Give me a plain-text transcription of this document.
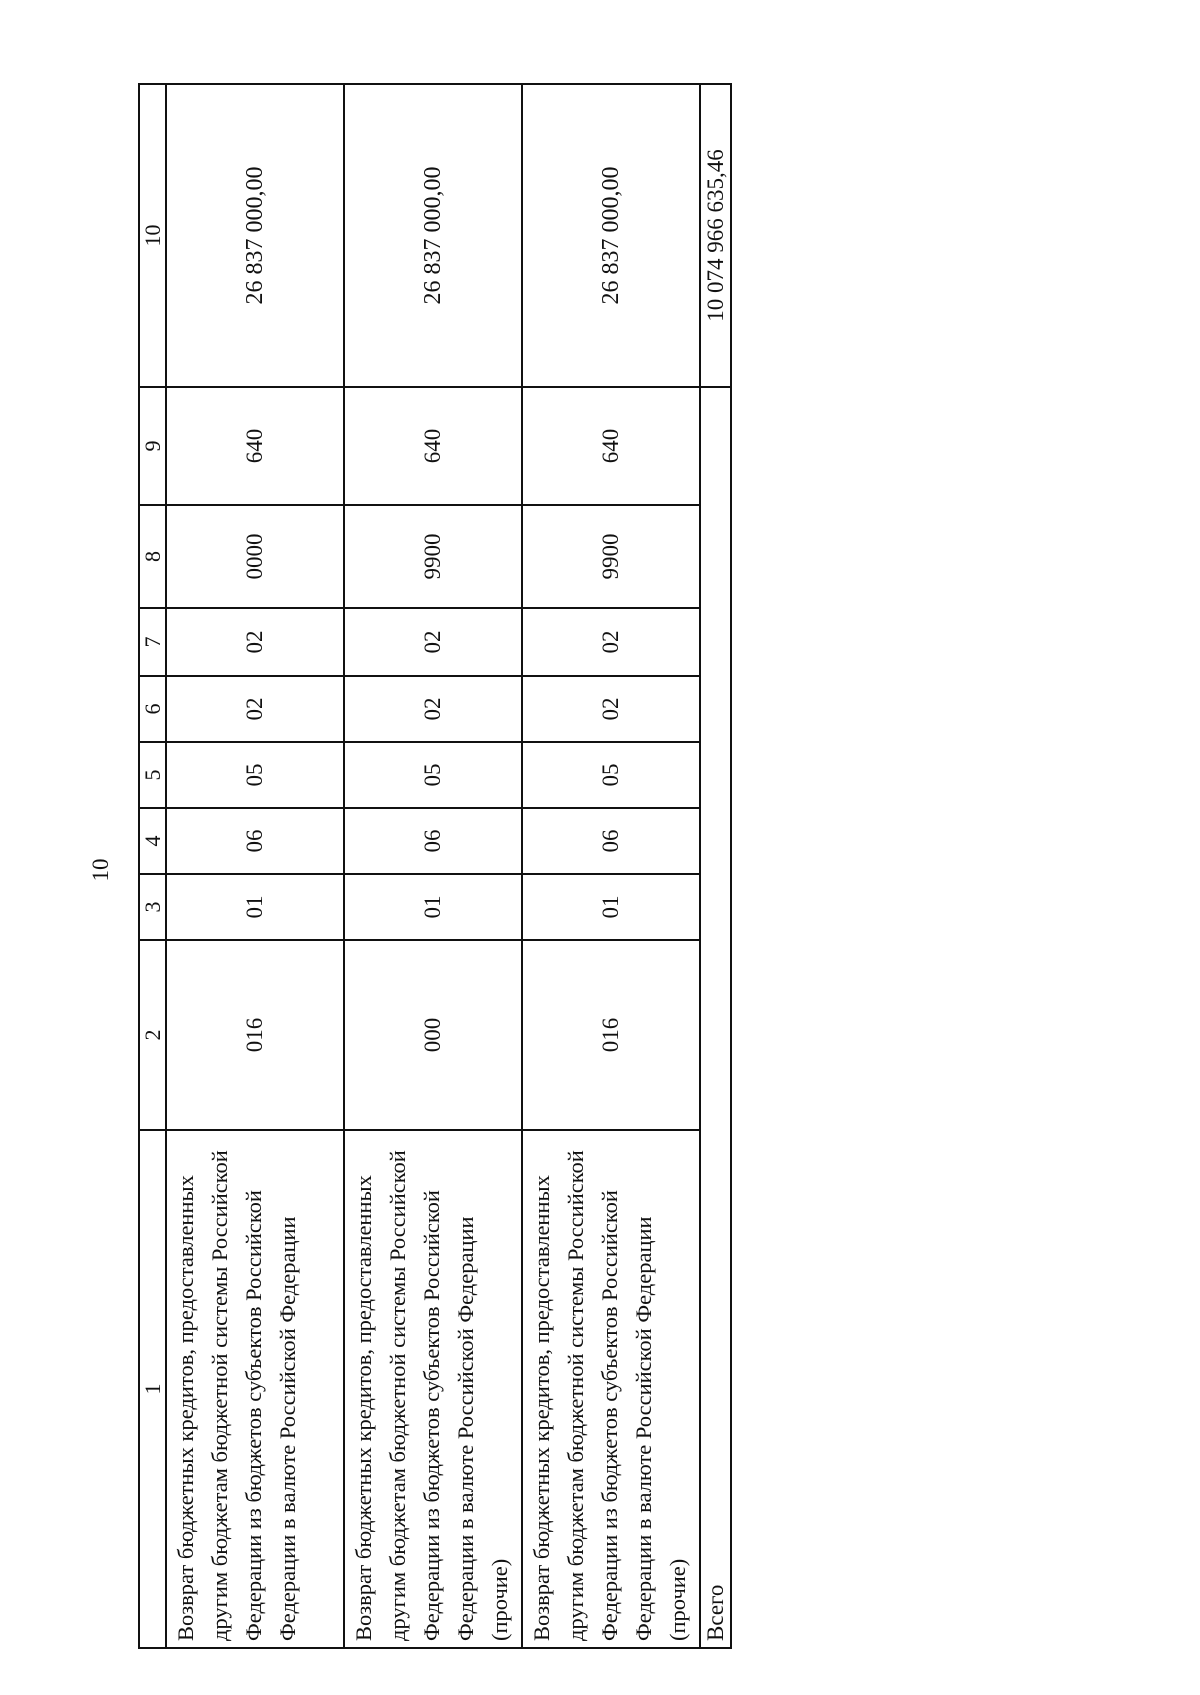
10
1	2	3	4	5	6	7	8	9	10
Возврат бюджетных кредитов, предоставленных другим бюджетам бюджетной системы Российской Федерации из бюджетов субъектов Российской Федерации в валюте Российской Федерации	016	01	06	05	02	02	0000	640	26 837 000,00
Возврат бюджетных кредитов, предоставленных другим бюджетам бюджетной системы Российской Федерации из бюджетов субъектов Российской Федерации в валюте Российской Федерации (прочие)	000	01	06	05	02	02	9900	640	26 837 000,00
Возврат бюджетных кредитов, предоставленных другим бюджетам бюджетной системы Российской Федерации из бюджетов субъектов Российской Федерации в валюте Российской Федерации (прочие)	016	01	06	05	02	02	9900	640	26 837 000,00
Всего									10 074 966 635,46
